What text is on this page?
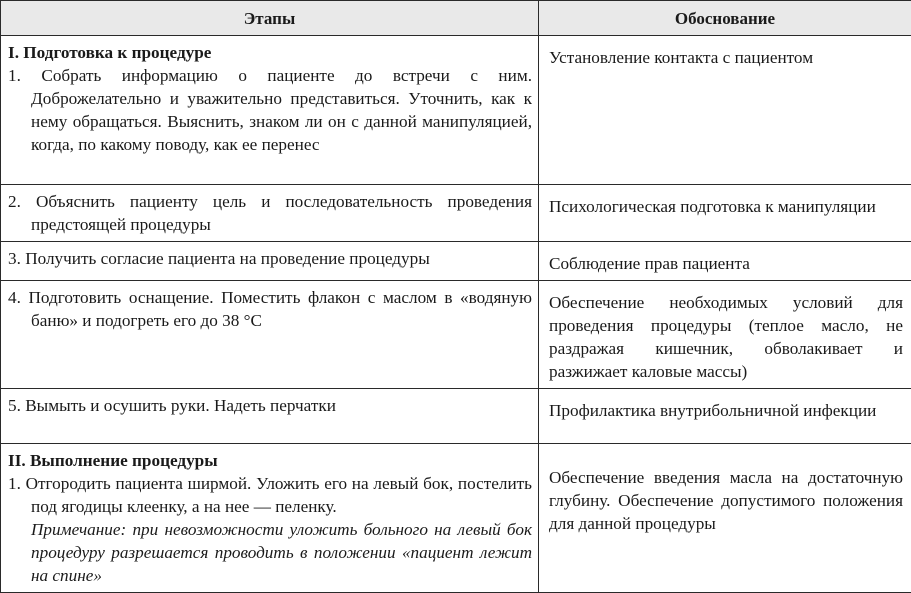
Этапы	Обоснование

I. Подготовка к процедуре
1. Собрать информацию о пациенте до встречи с ним. Доброжелательно и уважительно представиться. Уточнить, как к нему обращаться. Выяснить, знаком ли он с данной манипуляцией, когда, по какому поводу, как ее перенес	Установление контакта с пациентом

2. Объяснить пациенту цель и последовательность проведения предстоящей процедуры	Психологическая подготовка к манипуляции

3. Получить согласие пациента на проведение процедуры	Соблюдение прав пациента

4. Подготовить оснащение. Поместить флакон с маслом в «водяную баню» и подогреть его до 38 °С	Обеспечение необходимых условий для проведения процедуры (теплое масло, не раздражая кишечник, обволакивает и разжижает каловые массы)

5. Вымыть и осушить руки. Надеть перчатки	Профилактика внутрибольничной инфекции

II. Выполнение процедуры
1. Отгородить пациента ширмой. Уложить его на левый бок, постелить под ягодицы клеенку, а на нее — пеленку.
Примечание: при невозможности уложить больного на левый бок процедуру разрешается проводить в положении «пациент лежит на спине»	Обеспечение введения масла на достаточную глубину. Обеспечение допустимого положения для данной процедуры
